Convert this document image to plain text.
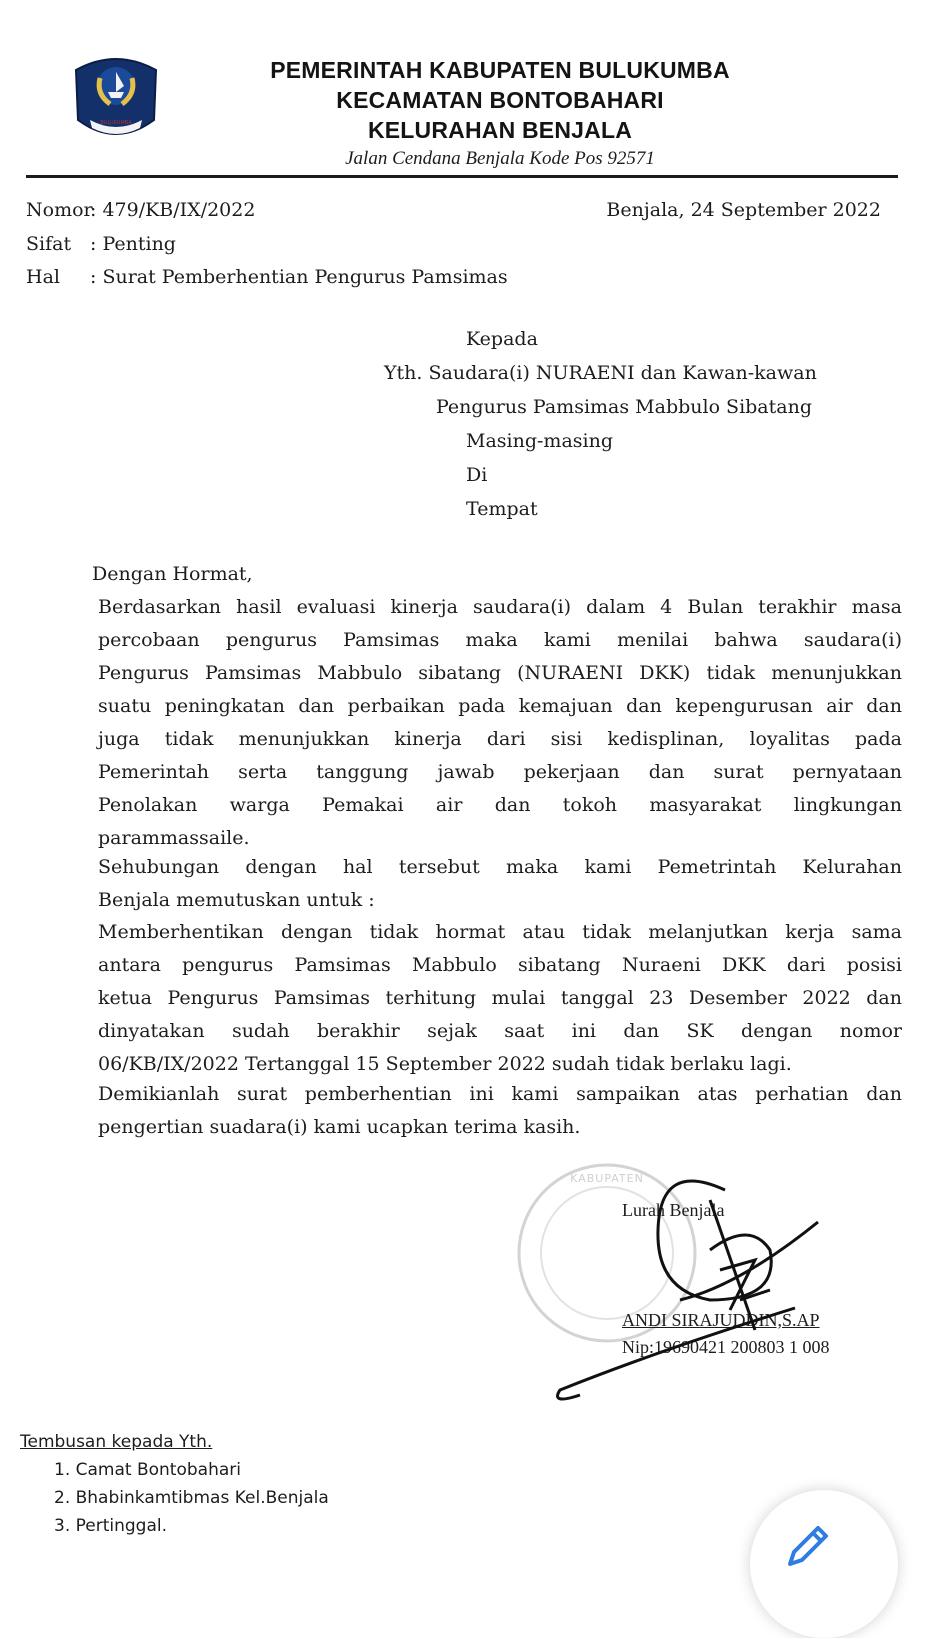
BULUKUMBA
PEMERINTAH KABUPATEN BULUKUMBA
KECAMATAN BONTOBAHARI
KELURAHAN BENJALA
Jalan Cendana Benjala Kode Pos 92571
Nomor
: 479/KB/IX/2022
Sifat : Penting
Hal : Surat Pemberhentian Pengurus Pamsimas
Benjala, 24 September 2022
Kepada
Yth. Saudara(i) NURAENI dan Kawan-kawan
Pengurus Pamsimas Mabbulo Sibatang
Masing-masing
Di
Tempat
Dengan Hormat,
Berdasarkan hasil evaluasi kinerja saudara(i) dalam 4 Bulan terakhir masa
percobaan pengurus Pamsimas maka kami menilai bahwa saudara(i)
Pengurus Pamsimas Mabbulo sibatang (NURAENI DKK) tidak menunjukkan
suatu peningkatan dan perbaikan pada kemajuan dan kepengurusan air dan
juga tidak menunjukkan kinerja dari sisi kedisplinan, loyalitas pada
Pemerintah serta tanggung jawab pekerjaan dan surat pernyataan
Penolakan warga Pemakai air dan tokoh masyarakat lingkungan
parammassaile.
Sehubungan dengan hal tersebut maka kami Pemetrintah Kelurahan
Benjala memutuskan untuk :
Memberhentikan dengan tidak hormat atau tidak melanjutkan kerja sama
antara pengurus Pamsimas Mabbulo sibatang Nuraeni DKK dari posisi
ketua Pengurus Pamsimas terhitung mulai tanggal 23 Desember 2022 dan
dinyatakan sudah berakhir sejak saat ini dan SK dengan nomor
06/KB/IX/2022 Tertanggal 15 September 2022 sudah tidak berlaku lagi.
Demikianlah surat pemberhentian ini kami sampaikan atas perhatian dan
pengertian suadara(i) kami ucapkan terima kasih.
KABUPATEN
Lurah Benjala
ANDI SIRAJUDDIN,S.AP
Nip:19690421 200803 1 008
Tembusan kepada Yth.
1. Camat Bontobahari
2. Bhabinkamtibmas Kel.Benjala
3. Pertinggal.
